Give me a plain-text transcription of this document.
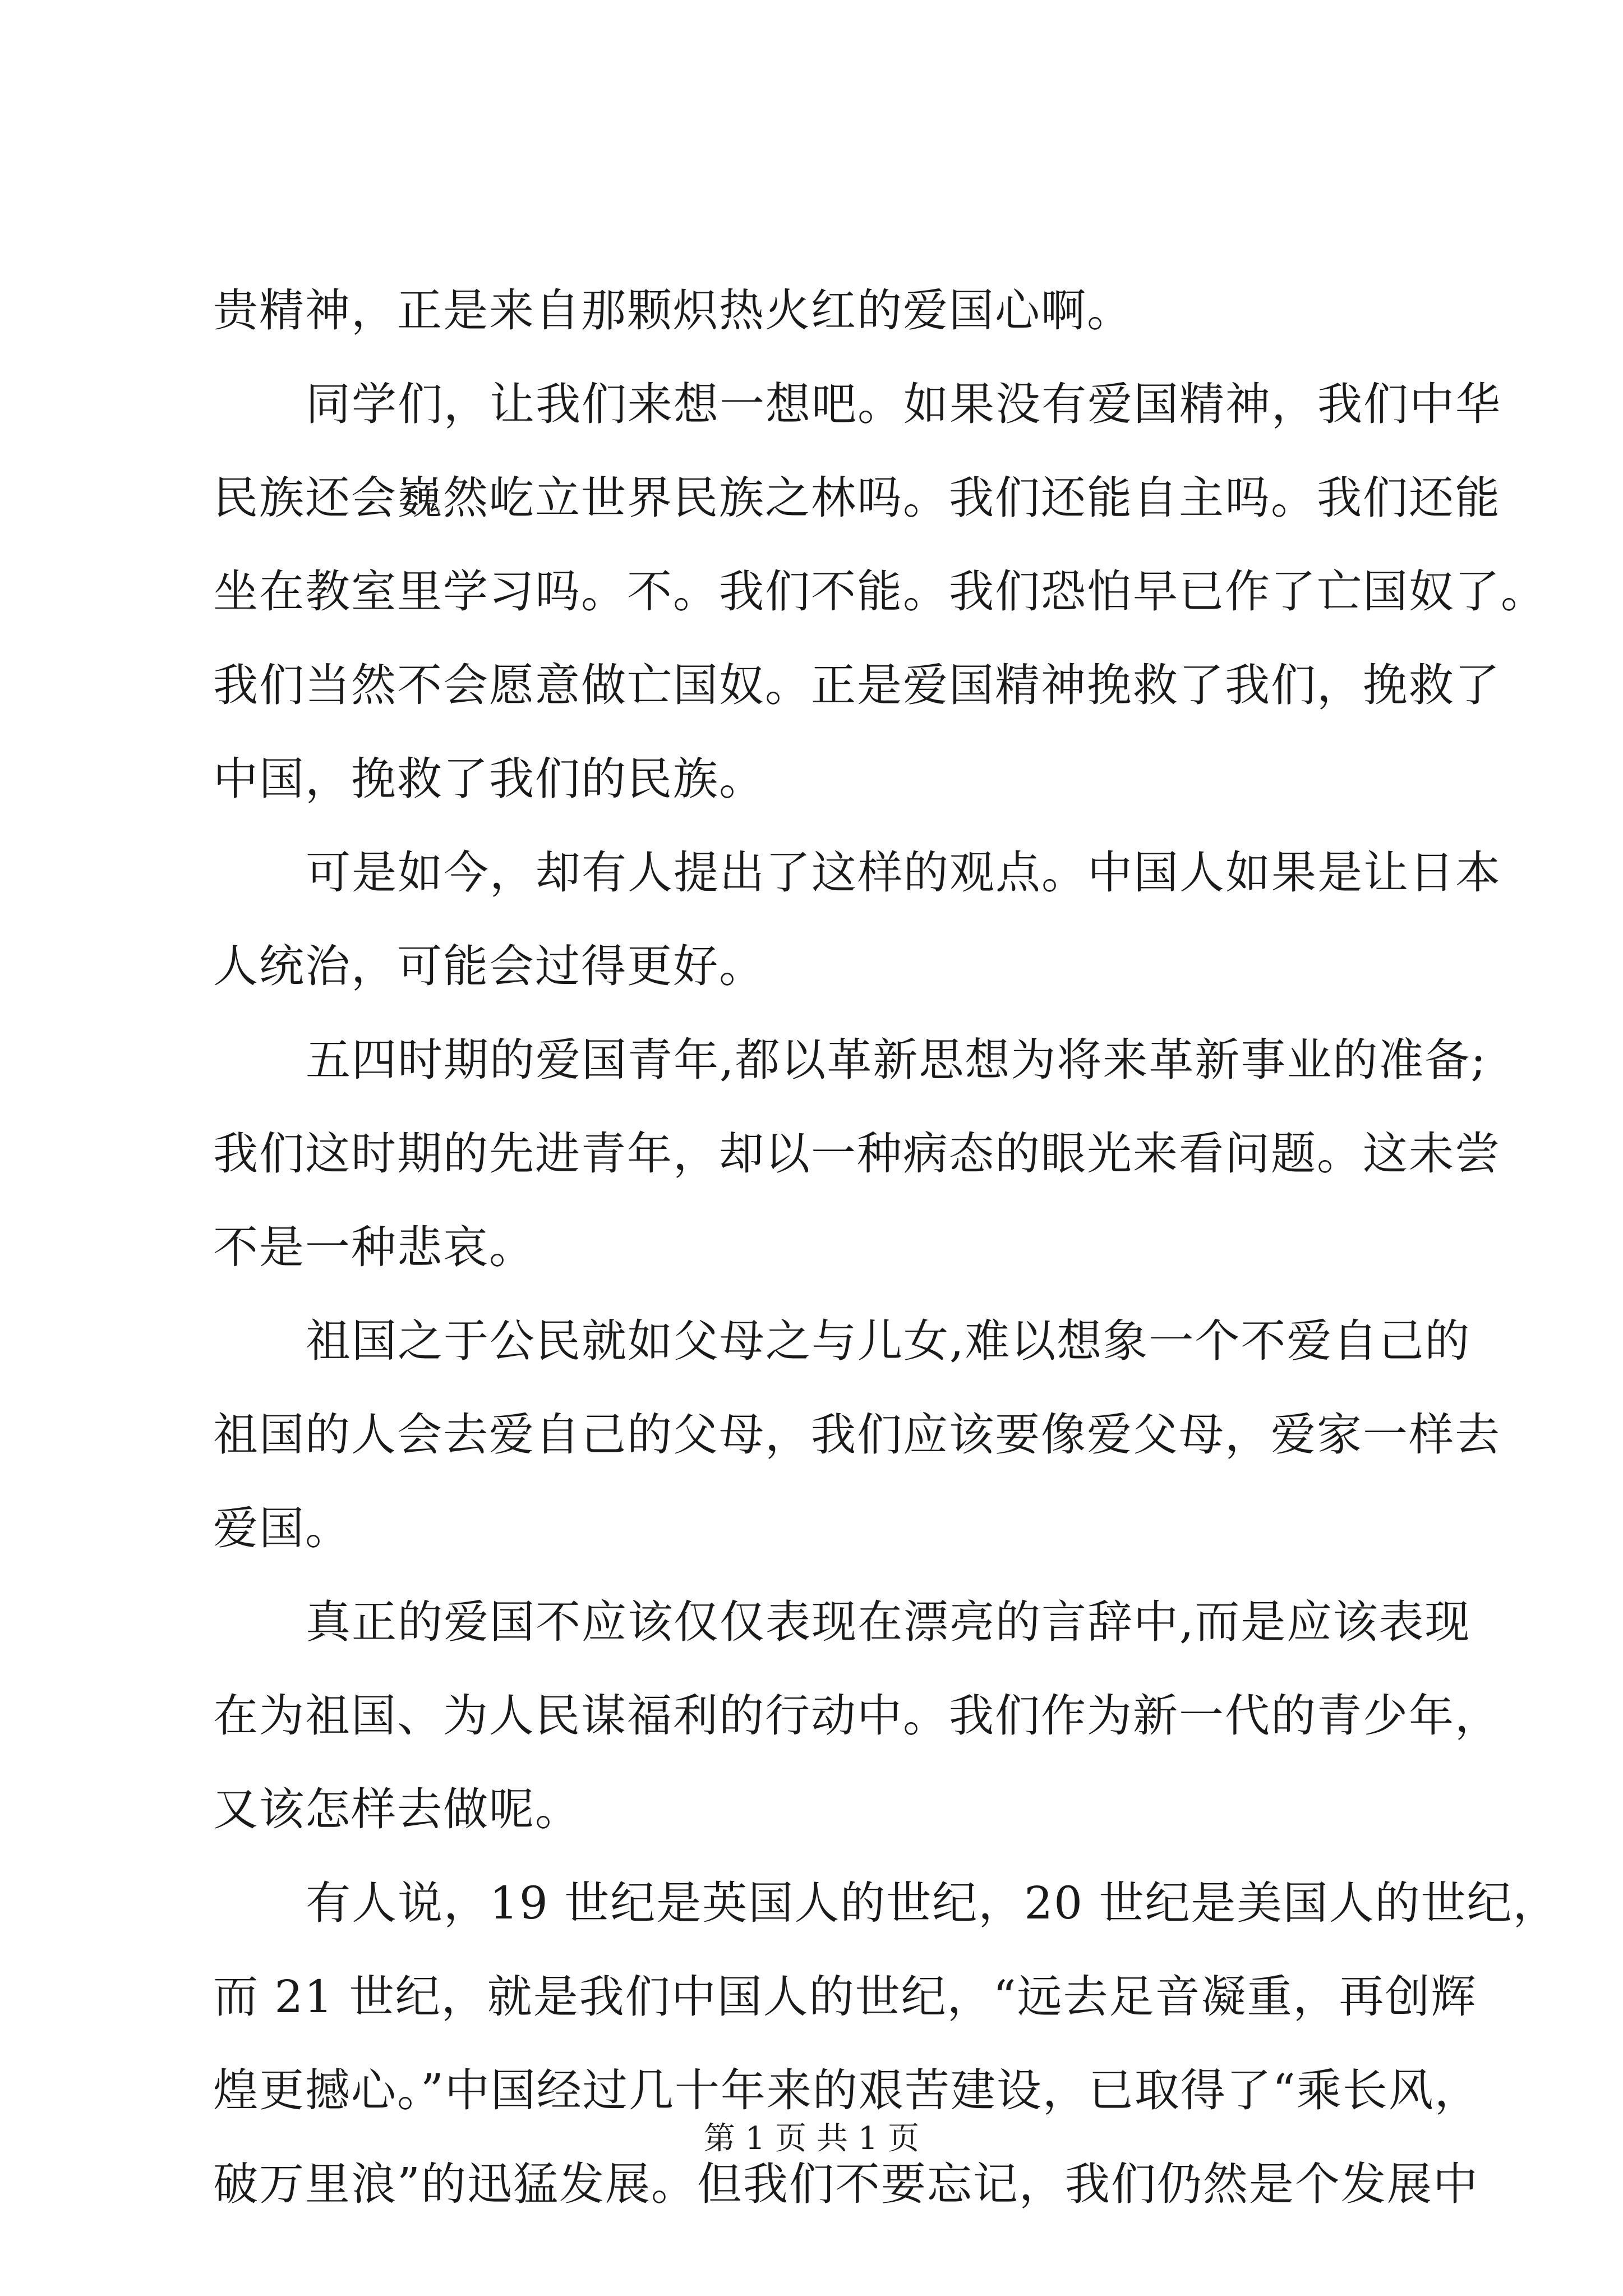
贵精神，正是来自那颗炽热火红的爱国心啊。
同学们，让我们来想一想吧。如果没有爱国精神，我们中华
民族还会巍然屹立世界民族之林吗。我们还能自主吗。我们还能
坐在教室里学习吗。不。我们不能。我们恐怕早已作了亡国奴了。
我们当然不会愿意做亡国奴。正是爱国精神挽救了我们，挽救了
中国，挽救了我们的民族。
可是如今，却有人提出了这样的观点。中国人如果是让日本
人统治，可能会过得更好。
五四时期的爱国青年,都以革新思想为将来革新事业的准备;
我们这时期的先进青年，却以一种病态的眼光来看问题。这未尝
不是一种悲哀。
祖国之于公民就如父母之与儿女,难以想象一个不爱自己的
祖国的人会去爱自己的父母，我们应该要像爱父母，爱家一样去
爱国。
真正的爱国不应该仅仅表现在漂亮的言辞中,而是应该表现
在为祖国、为人民谋福利的行动中。我们作为新一代的青少年，
又该怎样去做呢。
有人说，19 世纪是英国人的世纪，20 世纪是美国人的世纪，
而 21 世纪，就是我们中国人的世纪，“远去足音凝重，再创辉
煌更撼心。”中国经过几十年来的艰苦建设，已取得了“乘长风，
破万里浪”的迅猛发展。但我们不要忘记，我们仍然是个发展中
第 1 页 共 1 页
